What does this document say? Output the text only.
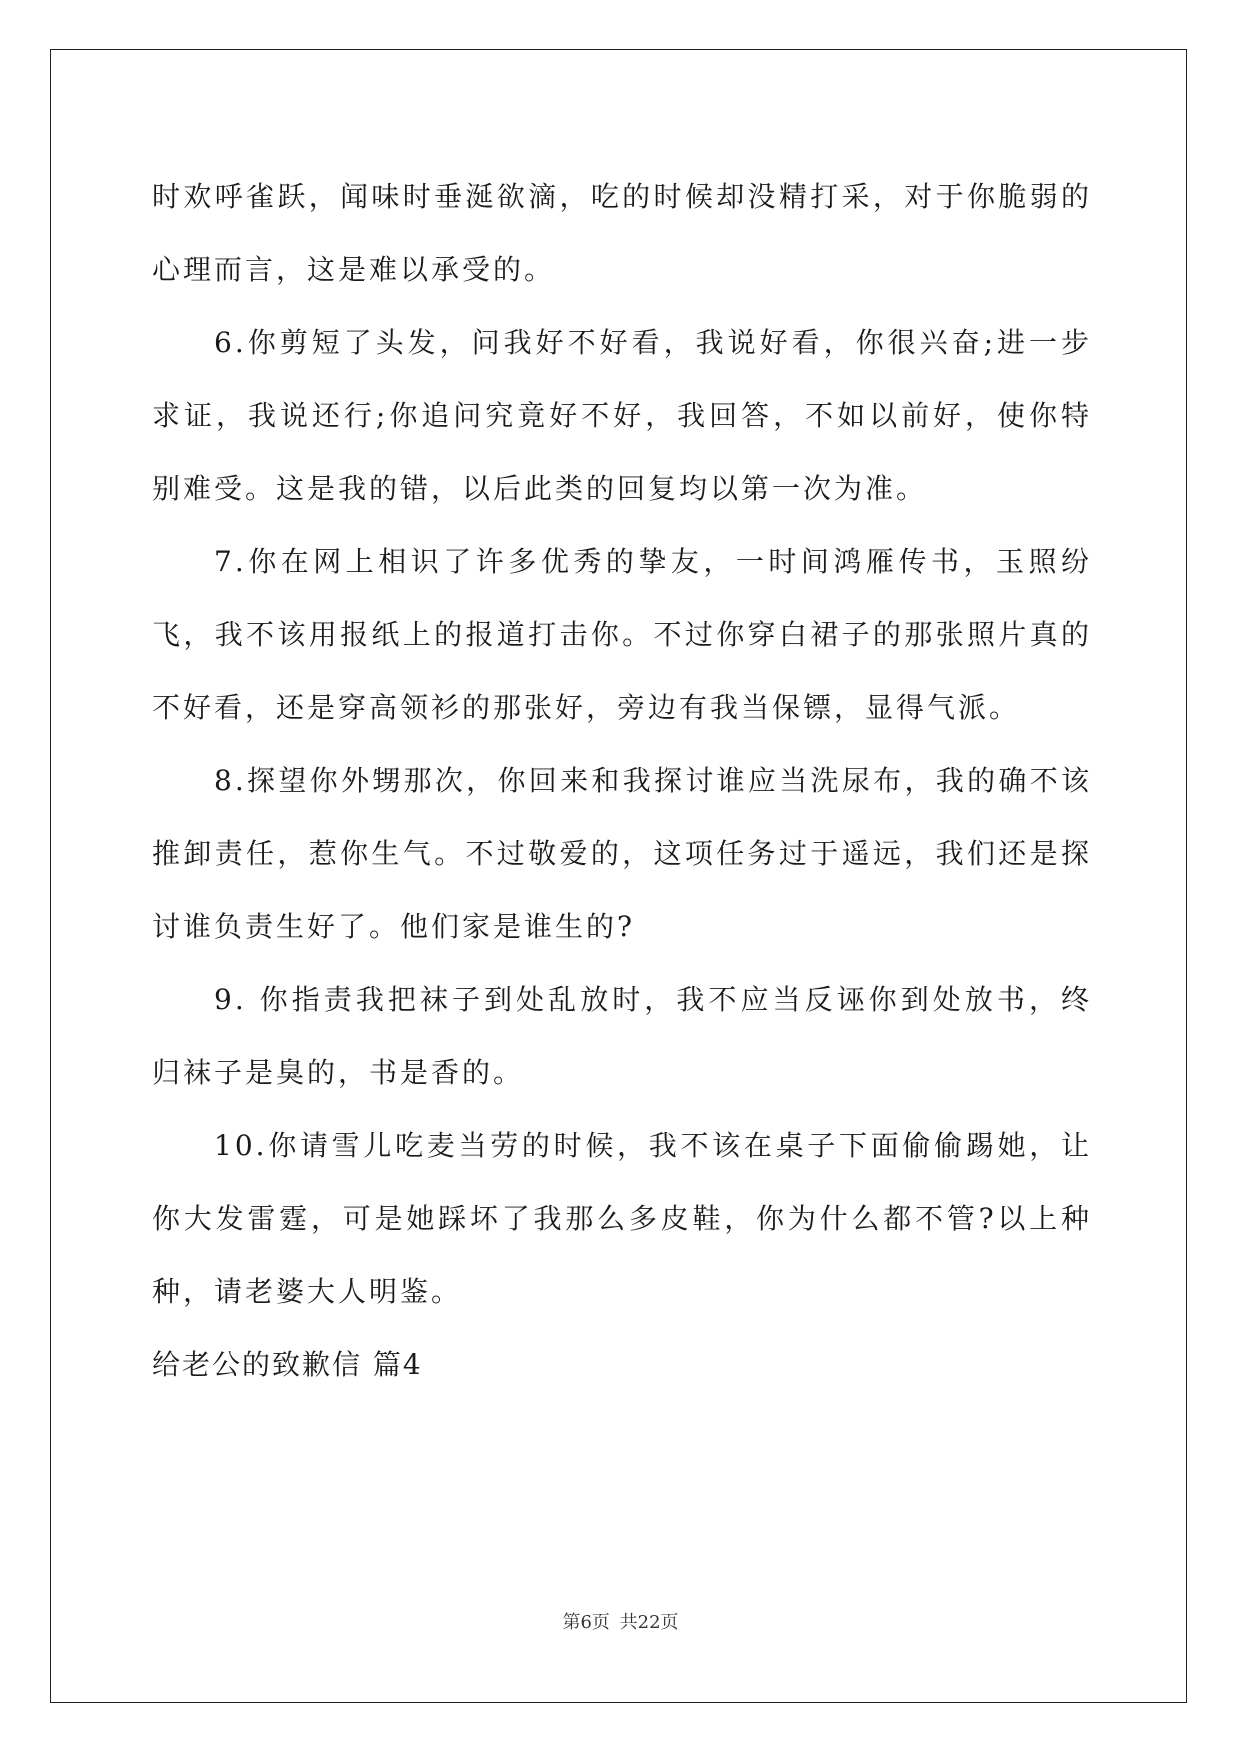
时欢呼雀跃，闻味时垂涎欲滴，吃的时候却没精打采，对于你脆弱的心理而言，这是难以承受的。

6.你剪短了头发，问我好不好看，我说好看，你很兴奋;进一步求证，我说还行;你追问究竟好不好，我回答，不如以前好，使你特别难受。这是我的错，以后此类的回复均以第一次为准。

7.你在网上相识了许多优秀的挚友，一时间鸿雁传书，玉照纷飞，我不该用报纸上的报道打击你。不过你穿白裙子的那张照片真的不好看，还是穿高领衫的那张好，旁边有我当保镖，显得气派。

8.探望你外甥那次，你回来和我探讨谁应当洗尿布，我的确不该推卸责任，惹你生气。不过敬爱的，这项任务过于遥远，我们还是探讨谁负责生好了。他们家是谁生的?

9. 你指责我把袜子到处乱放时，我不应当反诬你到处放书，终归袜子是臭的，书是香的。

10.你请雪儿吃麦当劳的时候，我不该在桌子下面偷偷踢她，让你大发雷霆，可是她踩坏了我那么多皮鞋，你为什么都不管?以上种种，请老婆大人明鉴。

给老公的致歉信 篇4

第6页 共22页
